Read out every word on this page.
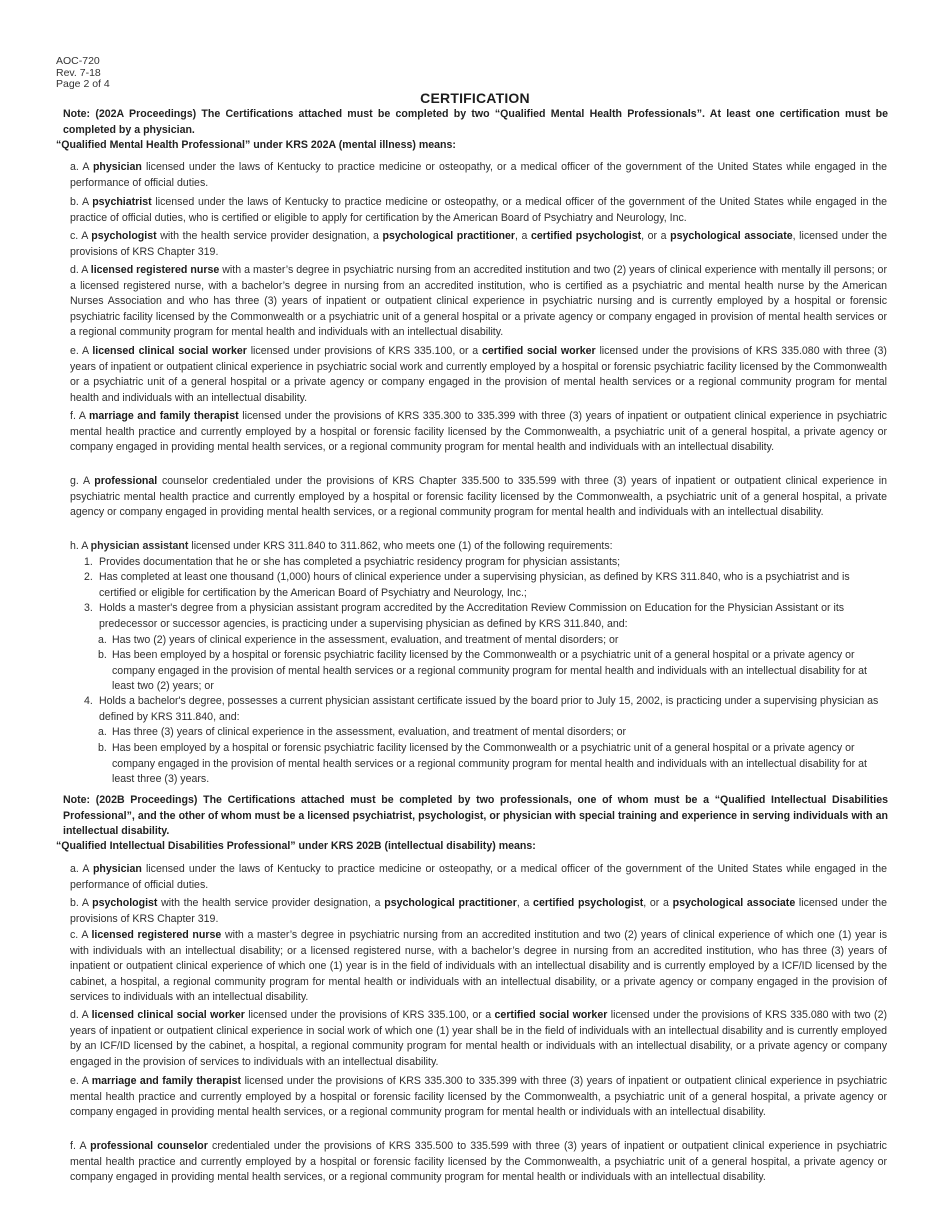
AOC-720
Rev. 7-18
Page 2 of 4
CERTIFICATION
Note: (202A Proceedings) The Certifications attached must be completed by two “Qualified Mental Health Professionals”. At least one certification must be completed by a physician.
“Qualified Mental Health Professional” under KRS 202A (mental illness) means:
a. A physician licensed under the laws of Kentucky to practice medicine or osteopathy, or a medical officer of the government of the United States while engaged in the performance of official duties.
b. A psychiatrist licensed under the laws of Kentucky to practice medicine or osteopathy, or a medical officer of the government of the United States while engaged in the practice of official duties, who is certified or eligible to apply for certification by the American Board of Psychiatry and Neurology, Inc.
c. A psychologist with the health service provider designation, a psychological practitioner, a certified psychologist, or a psychological associate, licensed under the provisions of KRS Chapter 319.
d. A licensed registered nurse with a master’s degree in psychiatric nursing from an accredited institution and two (2) years of clinical experience with mentally ill persons; or a licensed registered nurse, with a bachelor’s degree in nursing from an accredited institution, who is certified as a psychiatric and mental health nurse by the American Nurses Association and who has three (3) years of inpatient or outpatient clinical experience in psychiatric nursing and is currently employed by a hospital or forensic psychiatric facility licensed by the Commonwealth or a psychiatric unit of a general hospital or a private agency or company engaged in provision of mental health services or a regional community program for mental health and individuals with an intellectual disability.
e. A licensed clinical social worker licensed under provisions of KRS 335.100, or a certified social worker licensed under the provisions of KRS 335.080 with three (3) years of inpatient or outpatient clinical experience in psychiatric social work and currently employed by a hospital or forensic psychiatric facility licensed by the Commonwealth or a psychiatric unit of a general hospital or a private agency or company engaged in the provision of mental health services or a regional community program for mental health and individuals with an intellectual disability.
f. A marriage and family therapist licensed under the provisions of KRS 335.300 to 335.399 with three (3) years of inpatient or outpatient clinical experience in psychiatric mental health practice and currently employed by a hospital or forensic facility licensed by the Commonwealth, a psychiatric unit of a general hospital, a private agency or company engaged in providing mental health services, or a regional community program for mental health and individuals with an intellectual disability.
g. A professional counselor credentialed under the provisions of KRS Chapter 335.500 to 335.599 with three (3) years of inpatient or outpatient clinical experience in psychiatric mental health practice and currently employed by a hospital or forensic facility licensed by the Commonwealth, a psychiatric unit of a general hospital, a private agency or company engaged in providing mental health services, or a regional community program for mental health and individuals with an intellectual disability.
h. A physician assistant licensed under KRS 311.840 to 311.862, who meets one (1) of the following requirements:
1. Provides documentation that he or she has completed a psychiatric residency program for physician assistants;
2. Has completed at least one thousand (1,000) hours of clinical experience under a supervising physician, as defined by KRS 311.840, who is a psychiatrist and is certified or eligible for certification by the American Board of Psychiatry and Neurology, Inc.;
3. Holds a master's degree from a physician assistant program accredited by the Accreditation Review Commission on Education for the Physician Assistant or its predecessor or successor agencies, is practicing under a supervising physician as defined by KRS 311.840, and:
a. Has two (2) years of clinical experience in the assessment, evaluation, and treatment of mental disorders; or
b. Has been employed by a hospital or forensic psychiatric facility licensed by the Commonwealth or a psychiatric unit of a general hospital or a private agency or company engaged in the provision of mental health services or a regional community program for mental health and individuals with an intellectual disability for at least two (2) years; or
4. Holds a bachelor's degree, possesses a current physician assistant certificate issued by the board prior to July 15, 2002, is practicing under a supervising physician as defined by KRS 311.840, and:
a. Has three (3) years of clinical experience in the assessment, evaluation, and treatment of mental disorders; or
b. Has been employed by a hospital or forensic psychiatric facility licensed by the Commonwealth or a psychiatric unit of a general hospital or a private agency or company engaged in the provision of mental health services or a regional community program for mental health and individuals with an intellectual disability for at least three (3) years.
Note: (202B Proceedings) The Certifications attached must be completed by two professionals, one of whom must be a “Qualified Intellectual Disabilities Professional”, and the other of whom must be a licensed psychiatrist, psychologist, or physician with special training and experience in serving individuals with an intellectual disability.
“Qualified Intellectual Disabilities Professional” under KRS 202B (intellectual disability) means:
a. A physician licensed under the laws of Kentucky to practice medicine or osteopathy, or a medical officer of the government of the United States while engaged in the performance of official duties.
b. A psychologist with the health service provider designation, a psychological practitioner, a certified psychologist, or a psychological associate licensed under the provisions of KRS Chapter 319.
c. A licensed registered nurse with a master’s degree in psychiatric nursing from an accredited institution and two (2) years of clinical experience of which one (1) year is with individuals with an intellectual disability; or a licensed registered nurse, with a bachelor’s degree in nursing from an accredited institution, who has three (3) years of inpatient or outpatient clinical experience of which one (1) year is in the field of individuals with an intellectual disability and is currently employed by a ICF/ID licensed by the cabinet, a hospital, a regional community program for mental health or individuals with an intellectual disability, or a private agency or company engaged in the provision of services to individuals with an intellectual disability.
d. A licensed clinical social worker licensed under the provisions of KRS 335.100, or a certified social worker licensed under the provisions of KRS 335.080 with two (2) years of inpatient or outpatient clinical experience in social work of which one (1) year shall be in the field of individuals with an intellectual disability and is currently employed by an ICF/ID licensed by the cabinet, a hospital, a regional community program for mental health or individuals with an intellectual disability, or a private agency or company engaged in the provision of services to individuals with an intellectual disability.
e. A marriage and family therapist licensed under the provisions of KRS 335.300 to 335.399 with three (3) years of inpatient or outpatient clinical experience in psychiatric mental health practice and currently employed by a hospital or forensic facility licensed by the Commonwealth, a psychiatric unit of a general hospital, a private agency or company engaged in providing mental health services, or a regional community program for mental health or individuals with an intellectual disability.
f. A professional counselor credentialed under the provisions of KRS 335.500 to 335.599 with three (3) years of inpatient or outpatient clinical experience in psychiatric mental health practice and currently employed by a hospital or forensic facility licensed by the Commonwealth, a psychiatric unit of a general hospital, a private agency or company engaged in providing mental health services, or a regional community program for mental health or individuals with an intellectual disability.
